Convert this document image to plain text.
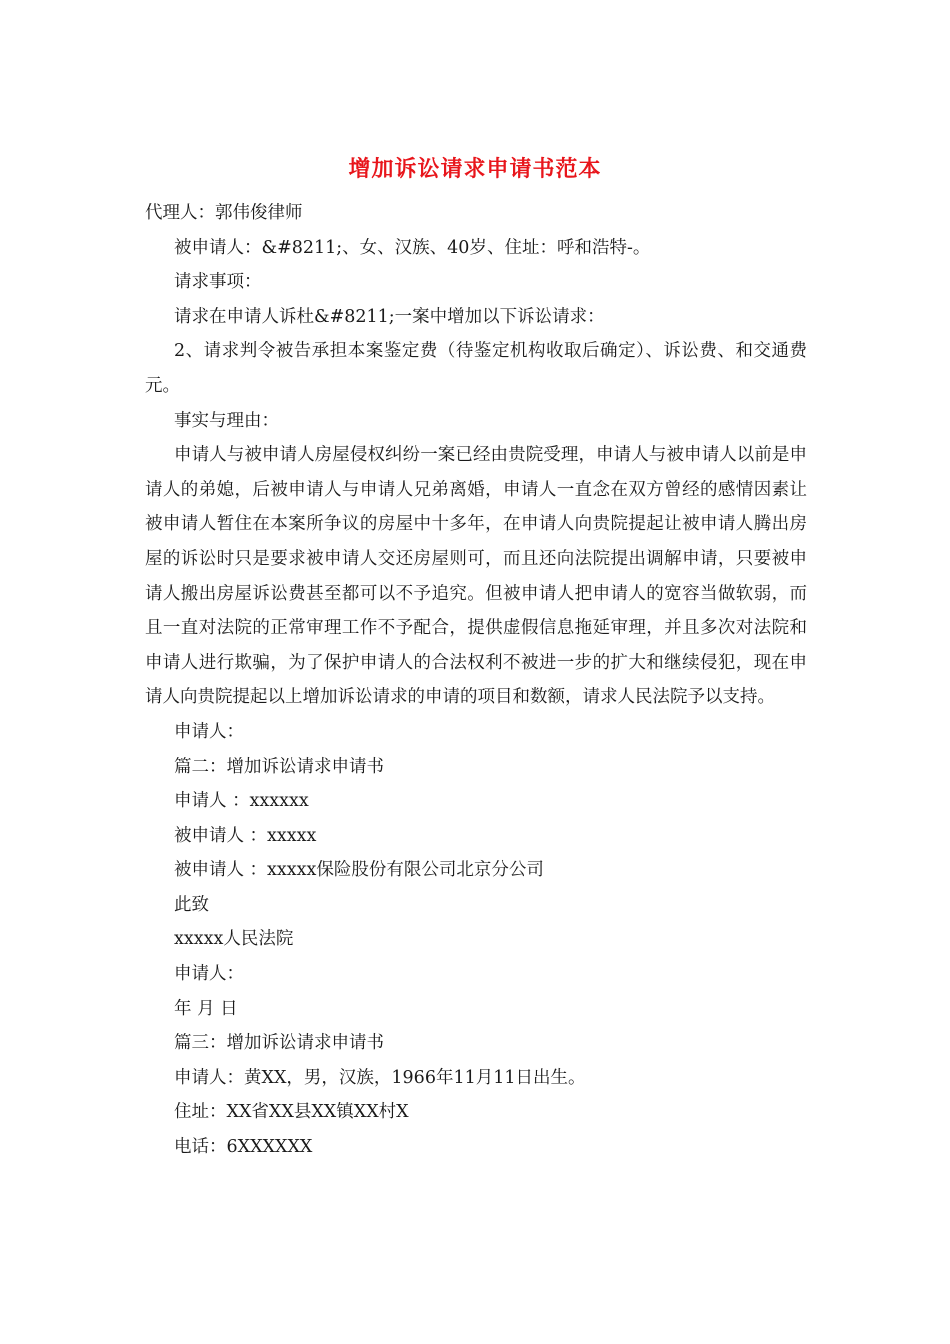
增加诉讼请求申请书范本

代理人：郭伟俊律师

被申请人：&#8211;、女、汉族、40岁、住址：呼和浩特-。

请求事项：

请求在申请人诉杜&#8211;一案中增加以下诉讼请求：

2、请求判令被告承担本案鉴定费（待鉴定机构收取后确定）、诉讼费、和交通费元。

事实与理由：

申请人与被申请人房屋侵权纠纷一案已经由贵院受理，申请人与被申请人以前是申请人的弟媳，后被申请人与申请人兄弟离婚，申请人一直念在双方曾经的感情因素让被申请人暂住在本案所争议的房屋中十多年，在申请人向贵院提起让被申请人腾出房屋的诉讼时只是要求被申请人交还房屋则可，而且还向法院提出调解申请，只要被申请人搬出房屋诉讼费甚至都可以不予追究。但被申请人把申请人的宽容当做软弱，而且一直对法院的正常审理工作不予配合，提供虚假信息拖延审理，并且多次对法院和申请人进行欺骗，为了保护申请人的合法权利不被进一步的扩大和继续侵犯，现在申请人向贵院提起以上增加诉讼请求的申请的项目和数额，请求人民法院予以支持。

申请人：

篇二：增加诉讼请求申请书

申请人 ：xxxxxx

被申请人 ：xxxxx

被申请人 ：xxxxx保险股份有限公司北京分公司

此致

xxxxx人民法院

申请人：

年 月 日

篇三：增加诉讼请求申请书

申请人：黄XX，男，汉族，1966年11月11日出生。

住址：XX省XX县XX镇XX村X

电话：6XXXXXX
